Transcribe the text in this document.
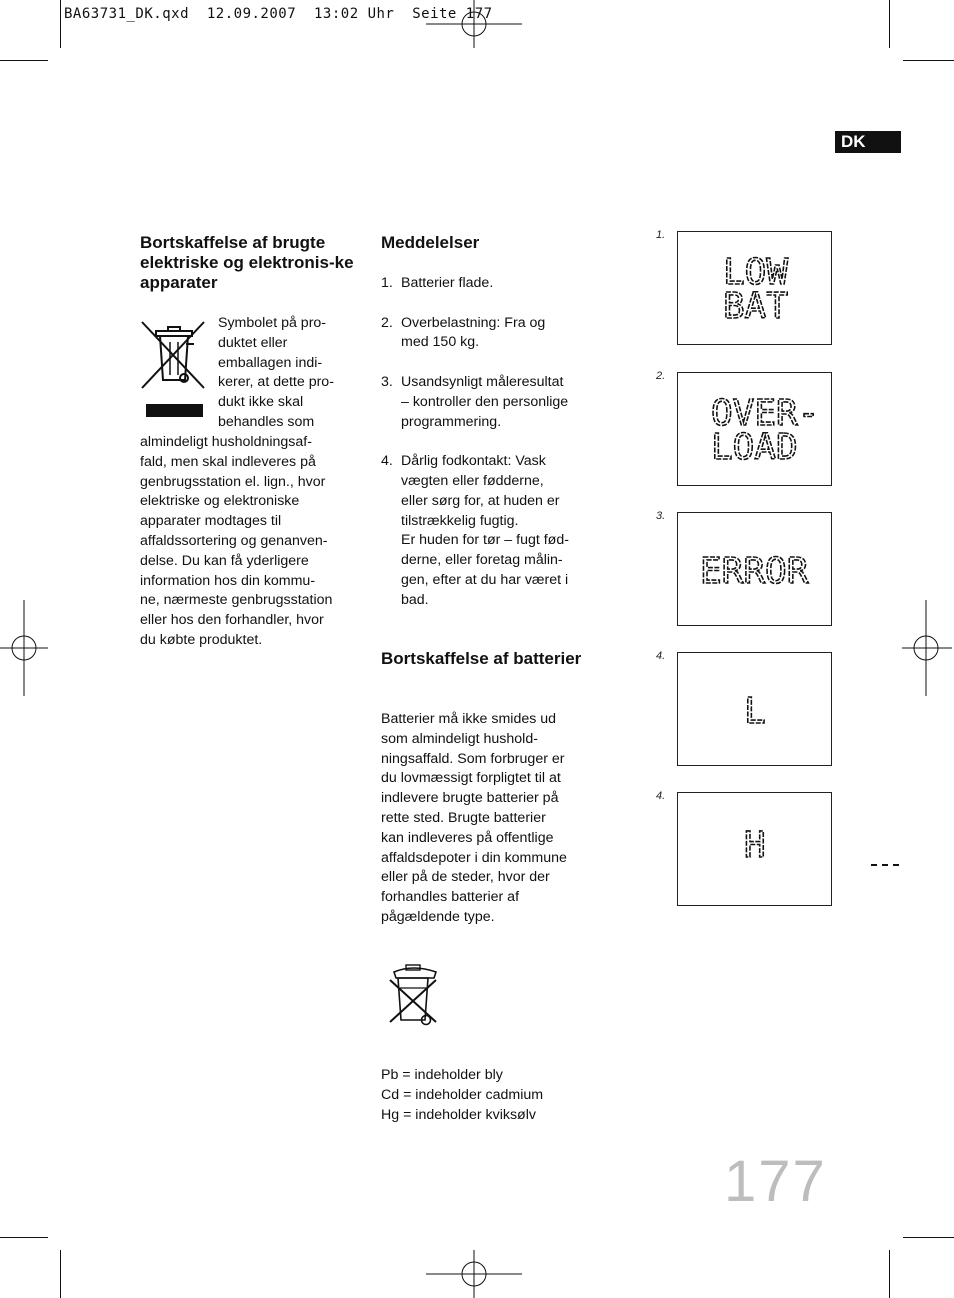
BA63731_DK.qxd  12.09.2007  13:02 Uhr  Seite 177
DK
Bortskaffelse af brugte elektriske og elektronis-ke apparater
Symbolet på pro-
duktet eller
emballagen indi-
kerer, at dette pro-
dukt ikke skal
behandles som
almindeligt husholdningsaf-
fald, men skal indleveres på
genbrugsstation el. lign., hvor
elektriske og elektroniske
apparater modtages til
affaldssortering og genanven-
delse. Du kan få yderligere
information hos din kommu-
ne, nærmeste genbrugsstation
eller hos den forhandler, hvor
du købte produktet.
Meddelelser
1. Batterier flade.
2. Overbelastning: Fra og
med 150 kg.
3. Usandsynligt måleresultat
– kontroller den personlige
programmering.
4. Dårlig fodkontakt: Vask
vægten eller fødderne,
eller sørg for, at huden er
tilstrækkelig fugtig.
Er huden for tør – fugt fød-
derne, eller foretag målin-
gen, efter at du har været i
bad.
Bortskaffelse af batterier
Batterier må ikke smides ud
som almindeligt hushold-
ningsaffald. Som forbruger er
du lovmæssigt forpligtet til at
indlevere brugte batterier på
rette sted. Brugte batterier
kan indleveres på offentlige
affaldsdepoter i din kommune
eller på de steder, hvor der
forhandles batterier af
pågældende type.
Pb = indeholder bly
Cd = indeholder cadmium
Hg = indeholder kviksølv
1.
LOW
BAT
2.
OVER-
LOAD
3.
ERROR
4.
L
4.
H
177
